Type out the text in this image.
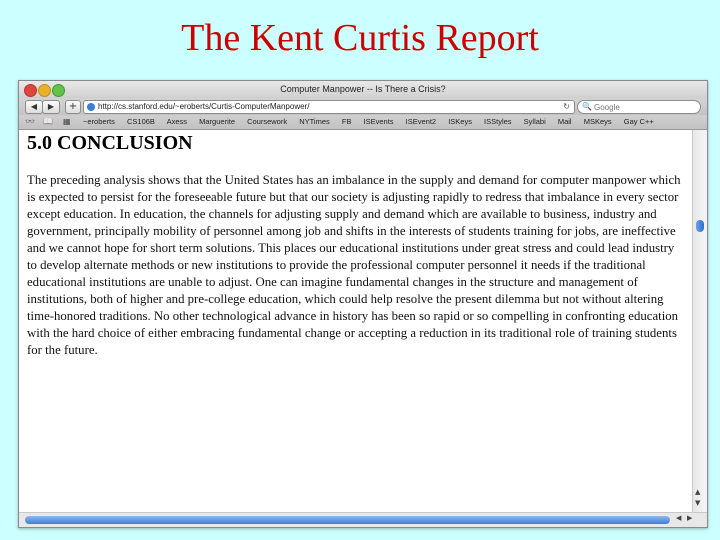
The Kent Curtis Report
Computer Manpower -- Is There a Crisis?
◀	▶	+	http://cs.stanford.edu/~eroberts/Curtis-ComputerManpower/	↻ 🔍
Google
👓 📖 ▦ ~eroberts CS106B Axess Marguerite Coursework NYTimes FB ISEvents ISEvent2 ISKeys ISStyles Syllabi Mail MSKeys Gay C++
5.0 CONCLUSION

The preceding analysis shows that the United States has an imbalance in the supply and demand for computer manpower which is expected to persist for the foreseeable future but that our society is adjusting rapidly to redress that imbalance in every sector except education. In education, the channels for adjusting supply and demand which are available to business, industry and government, principally mobility of personnel among job and shifts in the interests of students training for jobs, are ineffective and we cannot hope for short term solutions. This places our educational institutions under great stress and could lead industry to develop alternate methods or new institutions to provide the professional computer personnel it needs if the traditional educational institutions are unable to adjust. One can imagine fundamental changes in the structure and management of institutions, both of higher and pre-college education, which could help resolve the present dilemma but not without altering time-honored traditions. No other technological advance in history has been so rapid or so compelling in confronting education with the hard choice of either embracing fundamental change or accepting a reduction in its traditional role of training students for the future.

▲
▼
◀ ▶
